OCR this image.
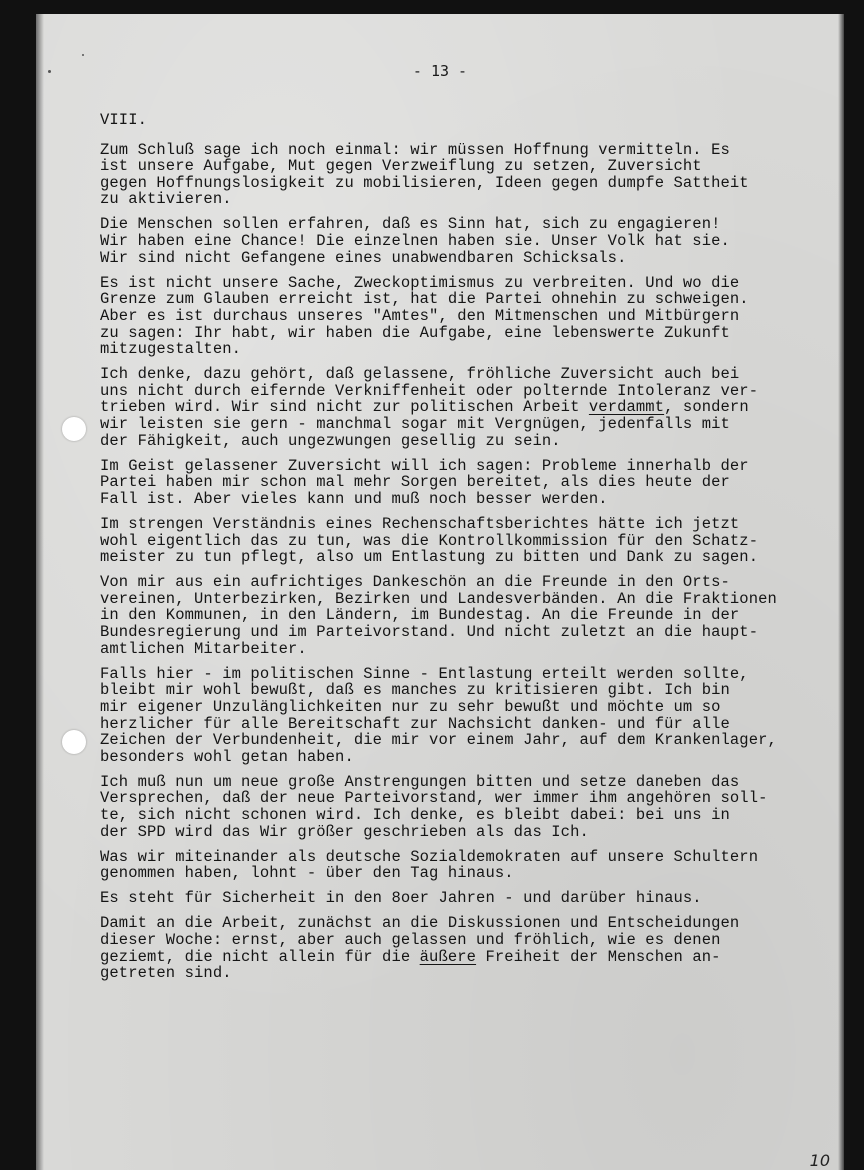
- 13 -
VIII.
Zum Schluß sage ich noch einmal: wir müssen Hoffnung vermitteln. Es
ist unsere Aufgabe, Mut gegen Verzweiflung zu setzen, Zuversicht
gegen Hoffnungslosigkeit zu mobilisieren, Ideen gegen dumpfe Sattheit
zu aktivieren.
Die Menschen sollen erfahren, daß es Sinn hat, sich zu engagieren!
Wir haben eine Chance! Die einzelnen haben sie. Unser Volk hat sie.
Wir sind nicht Gefangene eines unabwendbaren Schicksals.
Es ist nicht unsere Sache, Zweckoptimismus zu verbreiten. Und wo die
Grenze zum Glauben erreicht ist, hat die Partei ohnehin zu schweigen.
Aber es ist durchaus unseres "Amtes", den Mitmenschen und Mitbürgern
zu sagen: Ihr habt, wir haben die Aufgabe, eine lebenswerte Zukunft
mitzugestalten.
Ich denke, dazu gehört, daß gelassene, fröhliche Zuversicht auch bei
uns nicht durch eifernde Verkniffenheit oder polternde Intoleranz ver-
trieben wird. Wir sind nicht zur politischen Arbeit verdammt, sondern
wir leisten sie gern - manchmal sogar mit Vergnügen, jedenfalls mit
der Fähigkeit, auch ungezwungen gesellig zu sein.
Im Geist gelassener Zuversicht will ich sagen: Probleme innerhalb der
Partei haben mir schon mal mehr Sorgen bereitet, als dies heute der
Fall ist. Aber vieles kann und muß noch besser werden.
Im strengen Verständnis eines Rechenschaftsberichtes hätte ich jetzt
wohl eigentlich das zu tun, was die Kontrollkommission für den Schatz-
meister zu tun pflegt, also um Entlastung zu bitten und Dank zu sagen.
Von mir aus ein aufrichtiges Dankeschön an die Freunde in den Orts-
vereinen, Unterbezirken, Bezirken und Landesverbänden. An die Fraktionen
in den Kommunen, in den Ländern, im Bundestag. An die Freunde in der
Bundesregierung und im Parteivorstand. Und nicht zuletzt an die haupt-
amtlichen Mitarbeiter.
Falls hier - im politischen Sinne - Entlastung erteilt werden sollte,
bleibt mir wohl bewußt, daß es manches zu kritisieren gibt. Ich bin
mir eigener Unzulänglichkeiten nur zu sehr bewußt und möchte um so
herzlicher für alle Bereitschaft zur Nachsicht danken- und für alle
Zeichen der Verbundenheit, die mir vor einem Jahr, auf dem Krankenlager,
besonders wohl getan haben.
Ich muß nun um neue große Anstrengungen bitten und setze daneben das
Versprechen, daß der neue Parteivorstand, wer immer ihm angehören soll-
te, sich nicht schonen wird. Ich denke, es bleibt dabei: bei uns in
der SPD wird das Wir größer geschrieben als das Ich.
Was wir miteinander als deutsche Sozialdemokraten auf unsere Schultern
genommen haben, lohnt - über den Tag hinaus.
Es steht für Sicherheit in den 8oer Jahren - und darüber hinaus.
Damit an die Arbeit, zunächst an die Diskussionen und Entscheidungen
dieser Woche: ernst, aber auch gelassen und fröhlich, wie es denen
geziemt, die nicht allein für die äußere Freiheit der Menschen an-
getreten sind.
10
